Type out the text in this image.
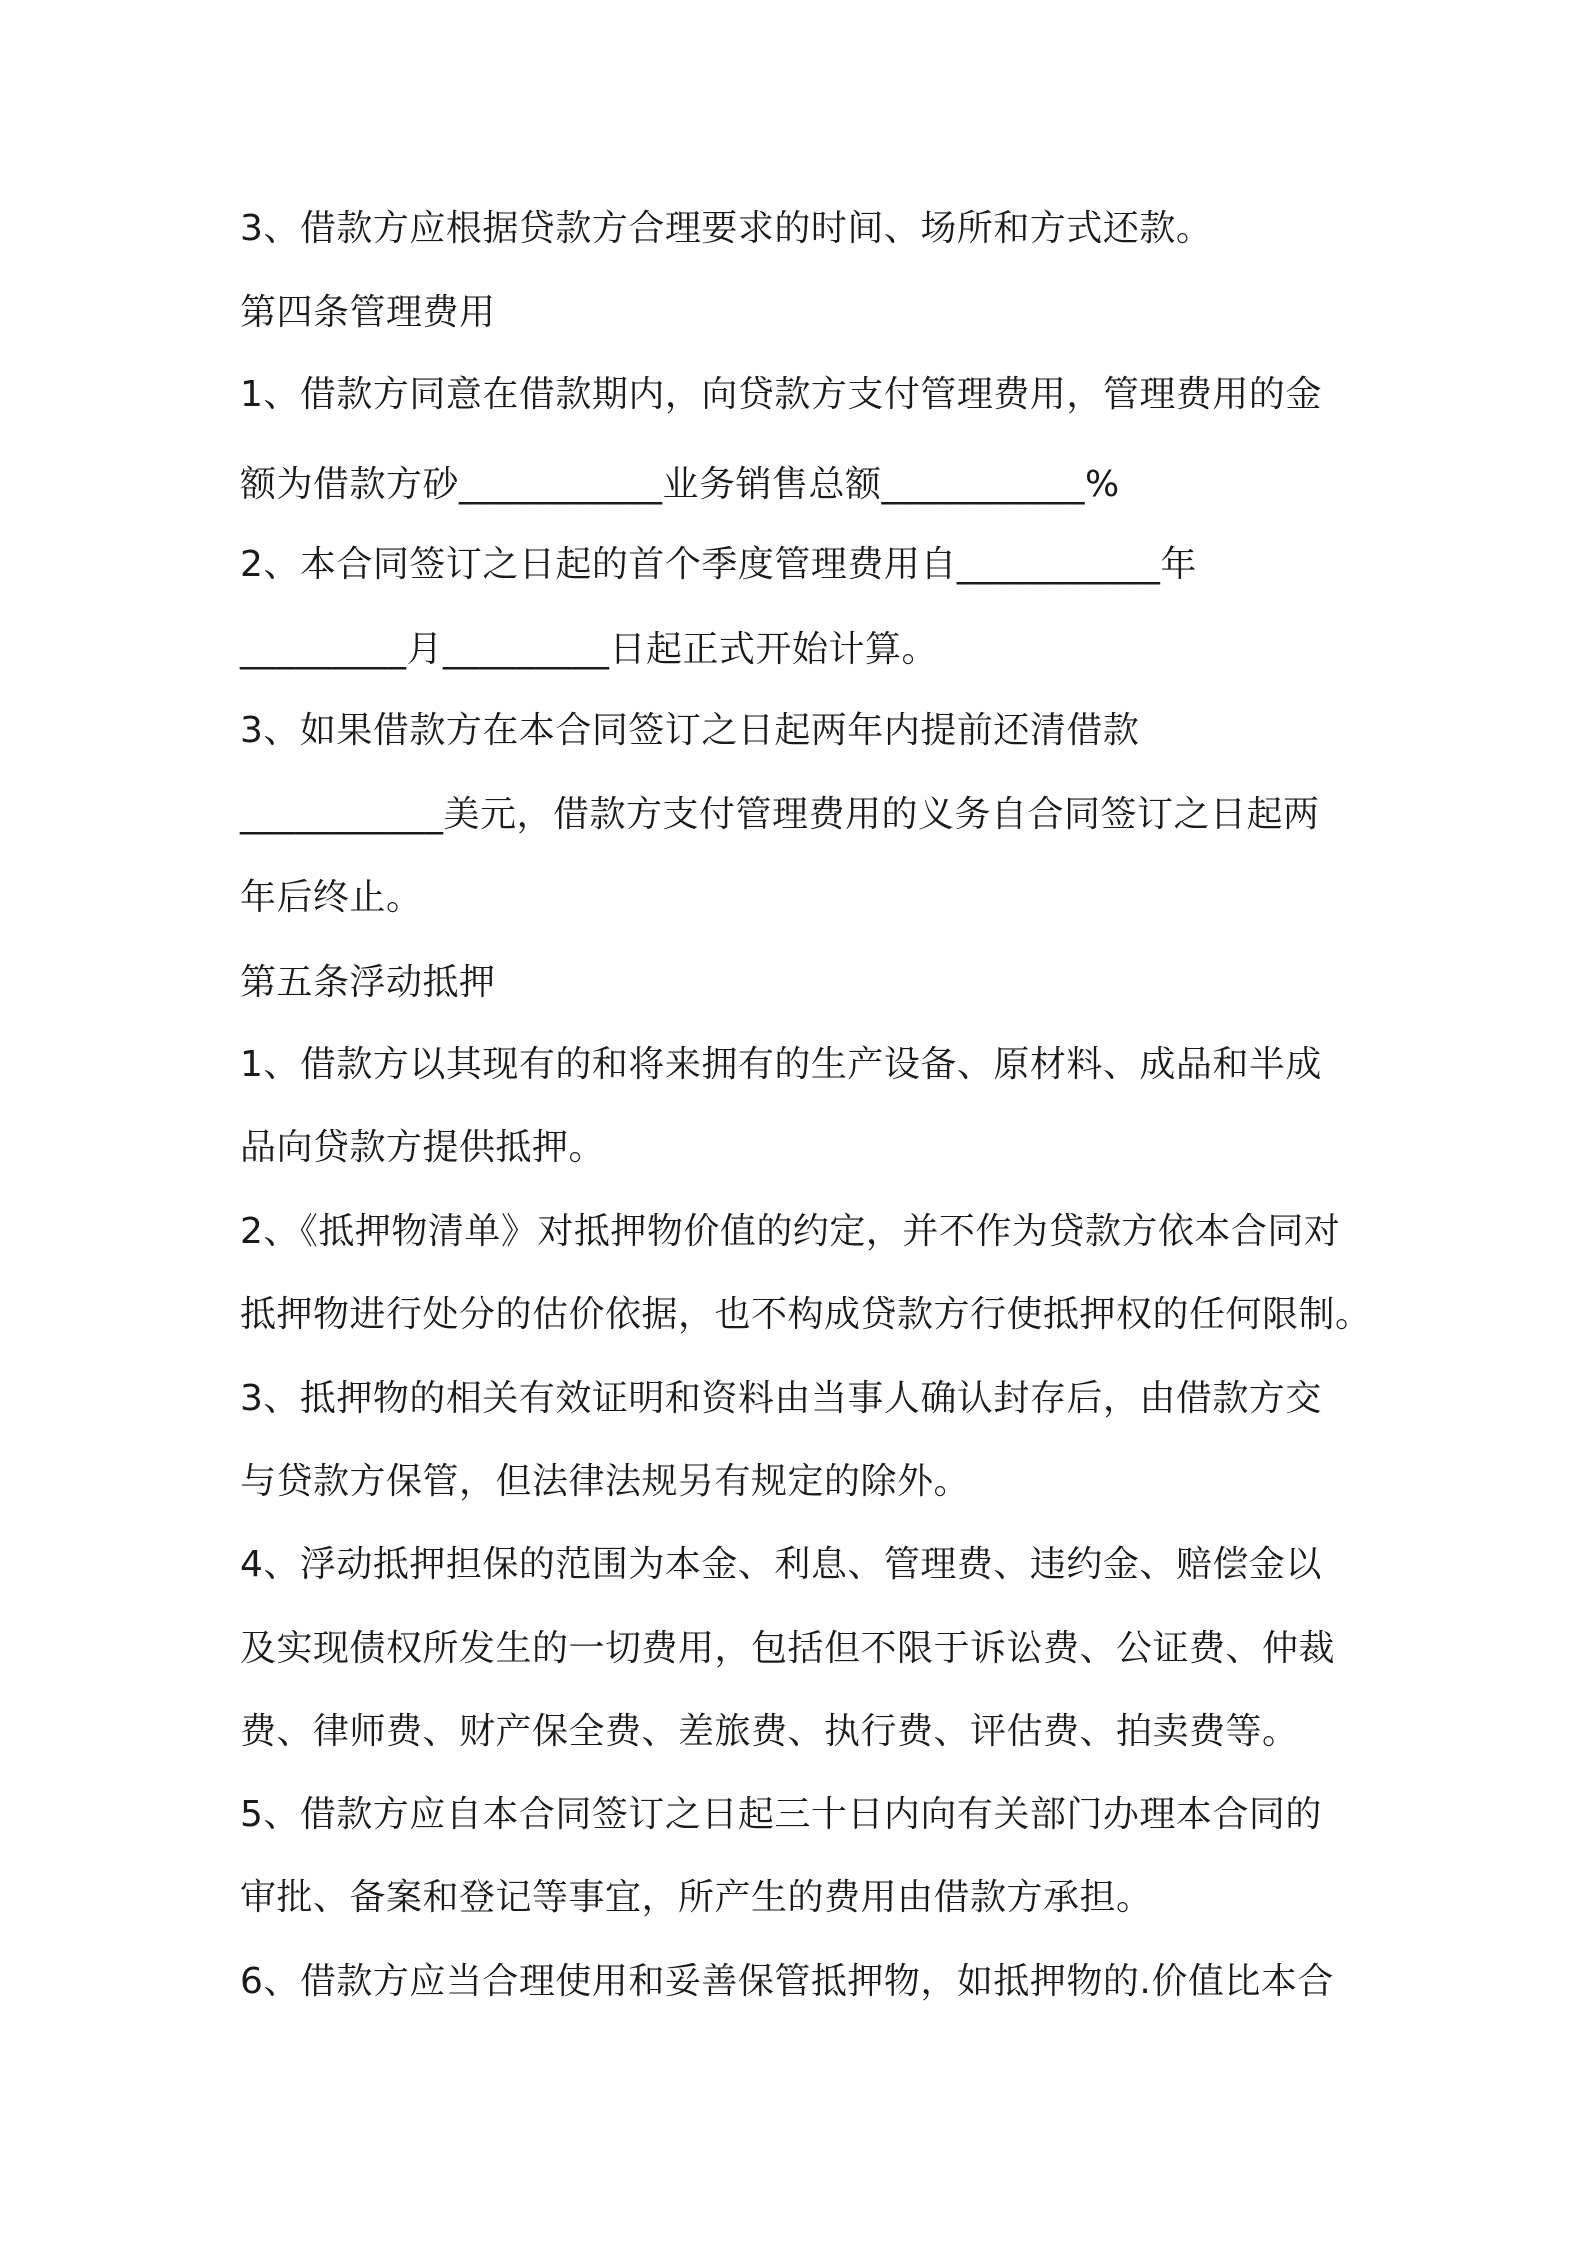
3、借款方应根据贷款方合理要求的时间、场所和方式还款。
第四条管理费用
1、借款方同意在借款期内，向贷款方支付管理费用，管理费用的金
额为借款方砂___________业务销售总额___________%
2、本合同签订之日起的首个季度管理费用自___________年
_________月_________日起正式开始计算。
3、如果借款方在本合同签订之日起两年内提前还清借款
___________美元，借款方支付管理费用的义务自合同签订之日起两
年后终止。
第五条浮动抵押
1、借款方以其现有的和将来拥有的生产设备、原材料、成品和半成
品向贷款方提供抵押。
2、《抵押物清单》对抵押物价值的约定，并不作为贷款方依本合同对
抵押物进行处分的估价依据，也不构成贷款方行使抵押权的任何限制。
3、抵押物的相关有效证明和资料由当事人确认封存后，由借款方交
与贷款方保管，但法律法规另有规定的除外。
4、浮动抵押担保的范围为本金、利息、管理费、违约金、赔偿金以
及实现债权所发生的一切费用，包括但不限于诉讼费、公证费、仲裁
费、律师费、财产保全费、差旅费、执行费、评估费、拍卖费等。
5、借款方应自本合同签订之日起三十日内向有关部门办理本合同的
审批、备案和登记等事宜，所产生的费用由借款方承担。
6、借款方应当合理使用和妥善保管抵押物，如抵押物的.价值比本合
